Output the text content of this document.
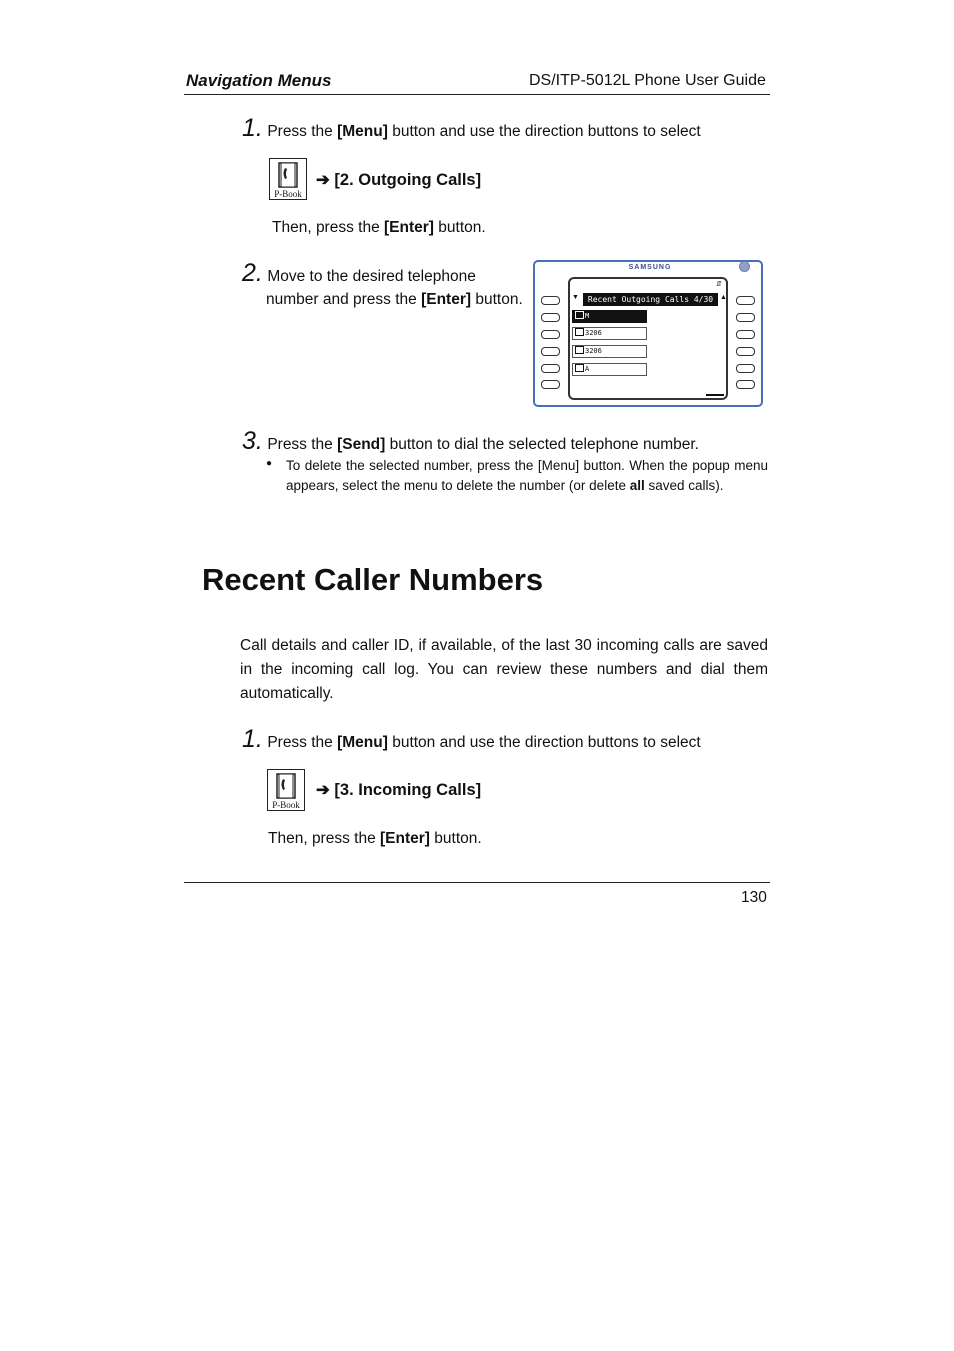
Navigation Menus	DS/ITP-5012L Phone User Guide
1. Press the [Menu] button and use the direction buttons to select
P-Book
➔ [2. Outgoing Calls]
Then, press the [Enter] button.
2. Move to the desired telephone
number and press the [Enter] button.
SAMSUNG
⇵
▼	Recent Outgoing Calls 4/30 ▲
M
3206
3206
A
3. Press the [Send] button to dial the selected telephone number.
● To delete the selected number, press the [Menu] button. When the popup menu appears, select the menu to delete the number (or delete all saved calls).
Recent Caller Numbers
Call details and caller ID, if available, of the last 30 incoming calls are saved in the incoming call log. You can review these numbers and dial them automatically.
1. Press the [Menu] button and use the direction buttons to select
P-Book
➔ [3. Incoming Calls]
Then, press the [Enter] button.
130
